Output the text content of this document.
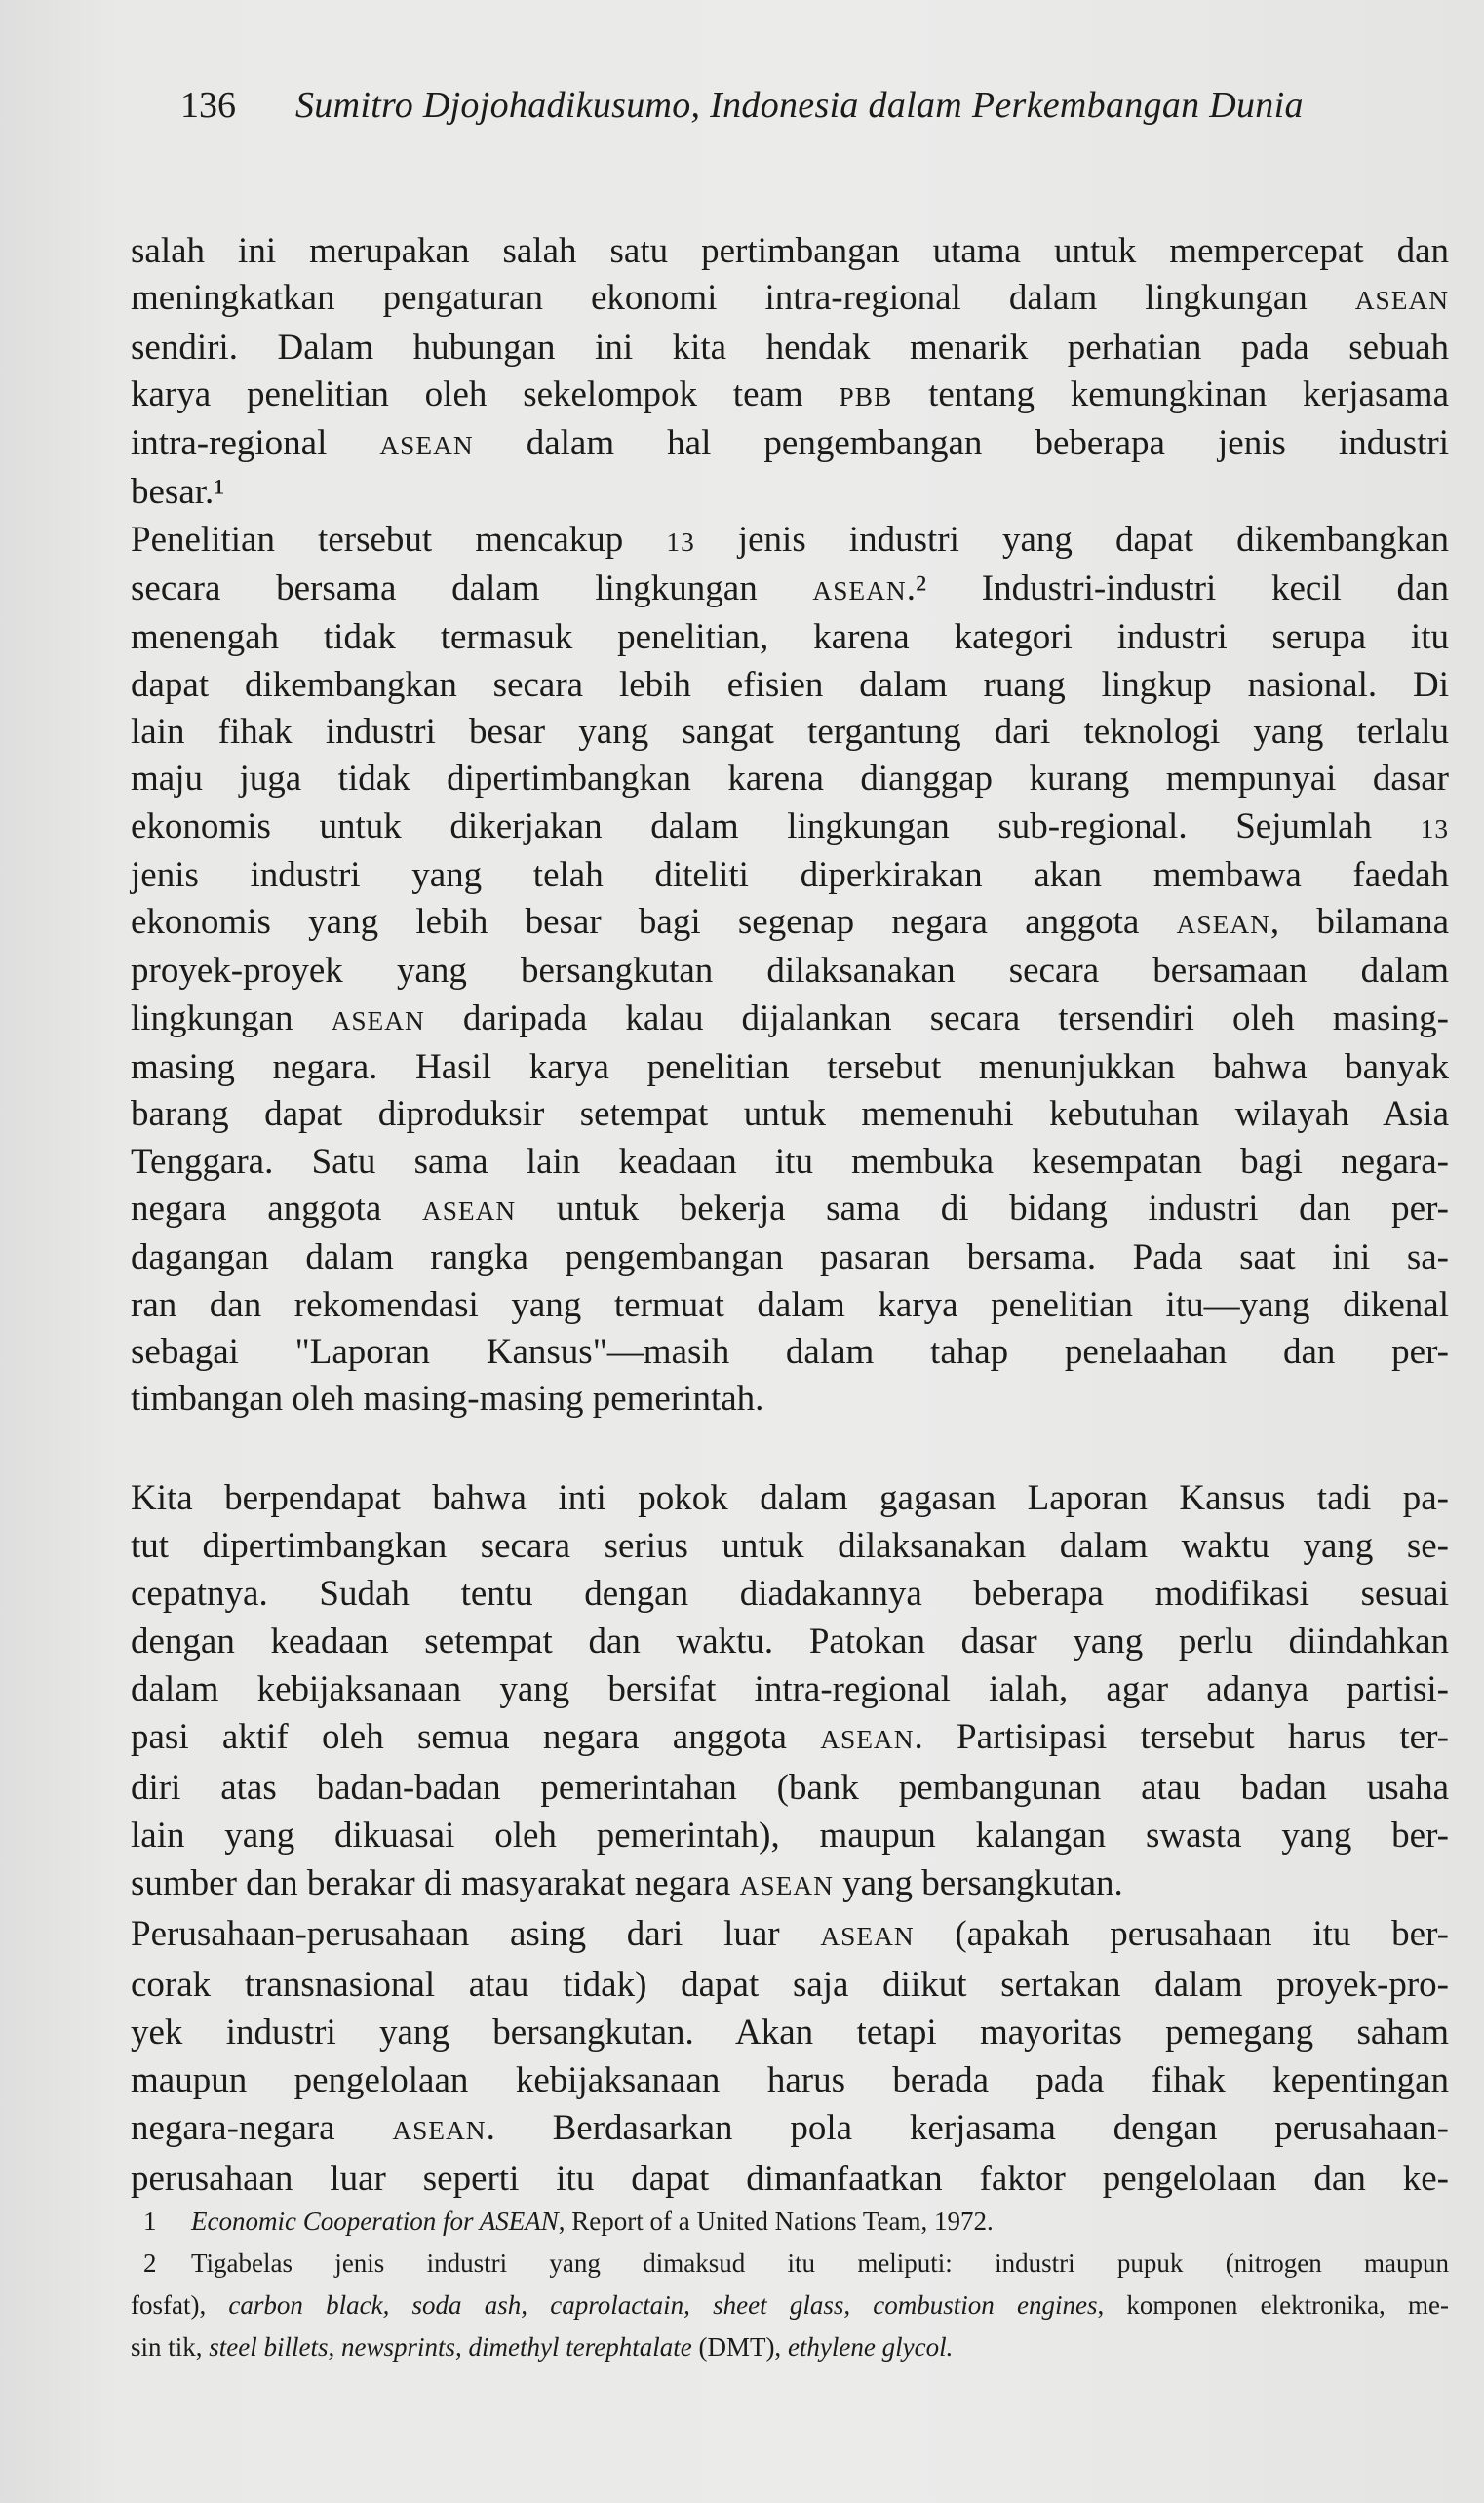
136 Sumitro Djojohadikusumo, Indonesia dalam Perkembangan Dunia
salah ini merupakan salah satu pertimbangan utama untuk mempercepat dan
meningkatkan pengaturan ekonomi intra-regional dalam lingkungan ASEAN
sendiri. Dalam hubungan ini kita hendak menarik perhatian pada sebuah
karya penelitian oleh sekelompok team PBB tentang kemungkinan kerjasama
intra-regional ASEAN dalam hal pengembangan beberapa jenis industri
besar.¹
Penelitian tersebut mencakup 13 jenis industri yang dapat dikembangkan
secara bersama dalam lingkungan ASEAN.² Industri-industri kecil dan
menengah tidak termasuk penelitian, karena kategori industri serupa itu
dapat dikembangkan secara lebih efisien dalam ruang lingkup nasional. Di
lain fihak industri besar yang sangat tergantung dari teknologi yang terlalu
maju juga tidak dipertimbangkan karena dianggap kurang mempunyai dasar
ekonomis untuk dikerjakan dalam lingkungan sub-regional. Sejumlah 13
jenis industri yang telah diteliti diperkirakan akan membawa faedah
ekonomis yang lebih besar bagi segenap negara anggota ASEAN, bilamana
proyek-proyek yang bersangkutan dilaksanakan secara bersamaan dalam
lingkungan ASEAN daripada kalau dijalankan secara tersendiri oleh masing-
masing negara. Hasil karya penelitian tersebut menunjukkan bahwa banyak
barang dapat diproduksir setempat untuk memenuhi kebutuhan wilayah Asia
Tenggara. Satu sama lain keadaan itu membuka kesempatan bagi negara-
negara anggota ASEAN untuk bekerja sama di bidang industri dan per-
dagangan dalam rangka pengembangan pasaran bersama. Pada saat ini sa-
ran dan rekomendasi yang termuat dalam karya penelitian itu—yang dikenal
sebagai "Laporan Kansus"—masih dalam tahap penelaahan dan per-
timbangan oleh masing-masing pemerintah.
Kita berpendapat bahwa inti pokok dalam gagasan Laporan Kansus tadi pa-
tut dipertimbangkan secara serius untuk dilaksanakan dalam waktu yang se-
cepatnya. Sudah tentu dengan diadakannya beberapa modifikasi sesuai
dengan keadaan setempat dan waktu. Patokan dasar yang perlu diindahkan
dalam kebijaksanaan yang bersifat intra-regional ialah, agar adanya partisi-
pasi aktif oleh semua negara anggota ASEAN. Partisipasi tersebut harus ter-
diri atas badan-badan pemerintahan (bank pembangunan atau badan usaha
lain yang dikuasai oleh pemerintah), maupun kalangan swasta yang ber-
sumber dan berakar di masyarakat negara ASEAN yang bersangkutan.
Perusahaan-perusahaan asing dari luar ASEAN (apakah perusahaan itu ber-
corak transnasional atau tidak) dapat saja diikut sertakan dalam proyek-pro-
yek industri yang bersangkutan. Akan tetapi mayoritas pemegang saham
maupun pengelolaan kebijaksanaan harus berada pada fihak kepentingan
negara-negara ASEAN. Berdasarkan pola kerjasama dengan perusahaan-
perusahaan luar seperti itu dapat dimanfaatkan faktor pengelolaan dan ke-
1 Economic Cooperation for ASEAN, Report of a United Nations Team, 1972.
2 Tigabelas jenis industri yang dimaksud itu meliputi: industri pupuk (nitrogen maupun
fosfat), carbon black, soda ash, caprolactain, sheet glass, combustion engines, komponen elektronika, me-
sin tik, steel billets, newsprints, dimethyl terephtalate (DMT), ethylene glycol.
